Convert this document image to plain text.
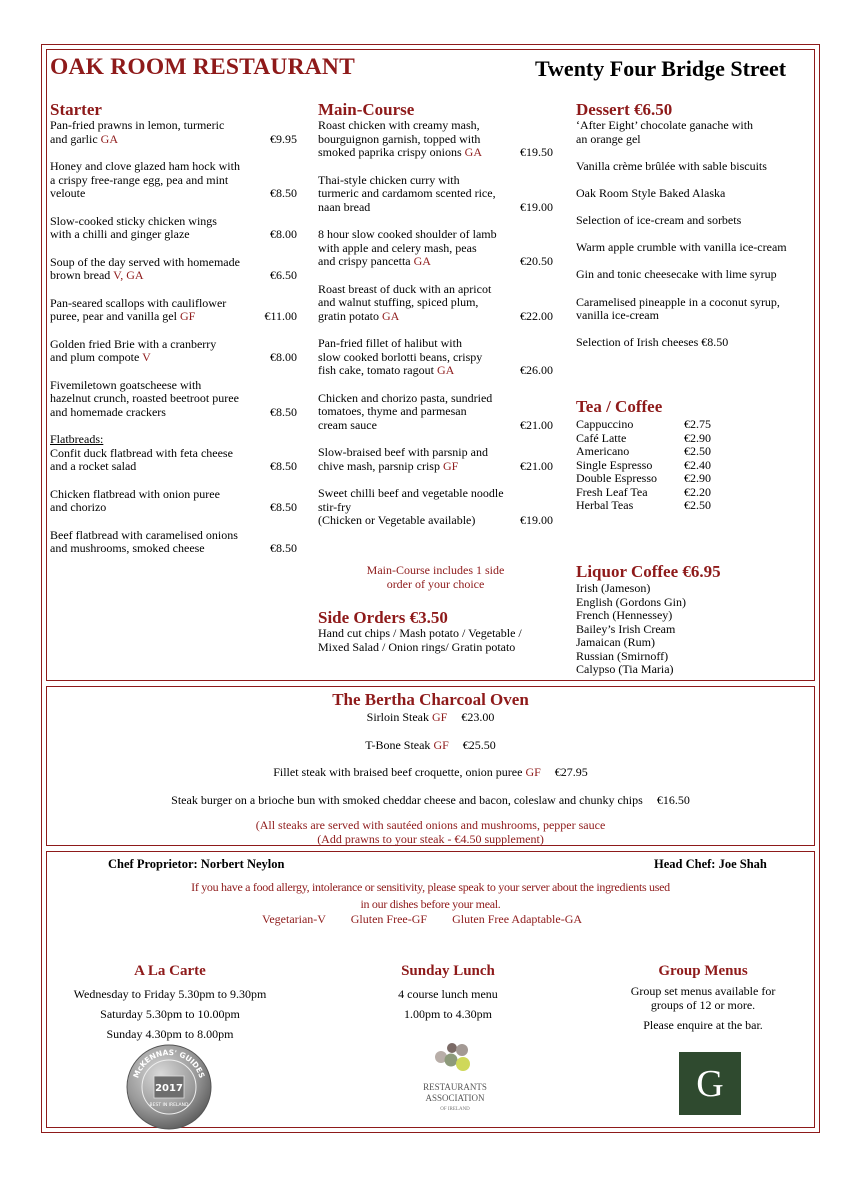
OAK ROOM RESTAURANT	Twenty Four Bridge Street
Starter
Pan-fried prawns in lemon, turmeric
and garlic GA	€9.95
Honey and clove glazed ham hock with
a crispy free-range egg, pea and mint
veloute	€8.50
Slow-cooked sticky chicken wings
with a chilli and ginger glaze	€8.00
Soup of the day served with homemade
brown bread V, GA	€6.50
Pan-seared scallops with cauliflower
puree, pear and vanilla gel GF	€11.00
Golden fried Brie with a cranberry
and plum compote V	€8.00
Fivemiletown goatscheese with
hazelnut crunch, roasted beetroot puree
and homemade crackers	€8.50
Flatbreads:
Confit duck flatbread with feta cheese
and a rocket salad	€8.50
Chicken flatbread with onion puree
and chorizo	€8.50
Beef flatbread with caramelised onions
and mushrooms, smoked cheese	€8.50
Main-Course
Roast chicken with creamy mash,
bourguignon garnish, topped with
smoked paprika crispy onions GA	€19.50
Thai-style chicken curry with
turmeric and cardamom scented rice,
naan bread	€19.00
8 hour slow cooked shoulder of lamb
with apple and celery mash, peas
and crispy pancetta GA	€20.50
Roast breast of duck with an apricot
and walnut stuffing, spiced plum,
gratin potato GA	€22.00
Pan-fried fillet of halibut with
slow cooked borlotti beans, crispy
fish cake, tomato ragout GA	€26.00
Chicken and chorizo pasta, sundried
tomatoes, thyme and parmesan
cream sauce	€21.00
Slow-braised beef with parsnip and
chive mash, parsnip crisp GF	€21.00
Sweet chilli beef and vegetable noodle
stir-fry
(Chicken or Vegetable available)	€19.00
Main-Course includes 1 side
order of your choice
Side Orders €3.50
Hand cut chips / Mash potato / Vegetable /
Mixed Salad / Onion rings/ Gratin potato
Dessert €6.50
‘After Eight’ chocolate ganache with
an orange gel
Vanilla crème brûlée with sable biscuits
Oak Room Style Baked Alaska
Selection of ice-cream and sorbets
Warm apple crumble with vanilla ice-cream
Gin and tonic cheesecake with lime syrup
Caramelised pineapple in a coconut syrup,
vanilla ice-cream
Selection of Irish cheeses €8.50
Tea / Coffee
Cappuccino	€2.75
Café Latte	€2.90
Americano	€2.50
Single Espresso	€2.40
Double Espresso	€2.90
Fresh Leaf Tea	€2.20
Herbal Teas	€2.50
Liquor Coffee €6.95
Irish (Jameson)
English (Gordons Gin)
French (Hennessey)
Bailey’s Irish Cream
Jamaican (Rum)
Russian (Smirnoff)
Calypso (Tia Maria)
The Bertha Charcoal Oven
Sirloin Steak GF €23.00
T-Bone Steak GF €25.50
Fillet steak with braised beef croquette, onion puree GF €27.95
Steak burger on a brioche bun with smoked cheddar cheese and bacon, coleslaw and chunky chips €16.50
(All steaks are served with sautéed onions and mushrooms, pepper sauce
(Add prawns to your steak - €4.50 supplement)
Chef Proprietor: Norbert Neylon	Head Chef: Joe Shah
If you have a food allergy, intolerance or sensitivity, please speak to your server about the ingredients used
in our dishes before your meal.
Vegetarian-V Gluten Free-GF Gluten Free Adaptable-GA
A La Carte
Wednesday to Friday 5.30pm to 9.30pm
Saturday 5.30pm to 10.00pm
Sunday 4.30pm to 8.00pm
Sunday Lunch
4 course lunch menu
1.00pm to 4.30pm
Group Menus
Group set menus available for
groups of 12 or more.
Please enquire at the bar.
McKENNAS' GUIDES
2017
BEST IN IRELAND
RESTAURANTS
ASSOCIATION
OF IRELAND
G
